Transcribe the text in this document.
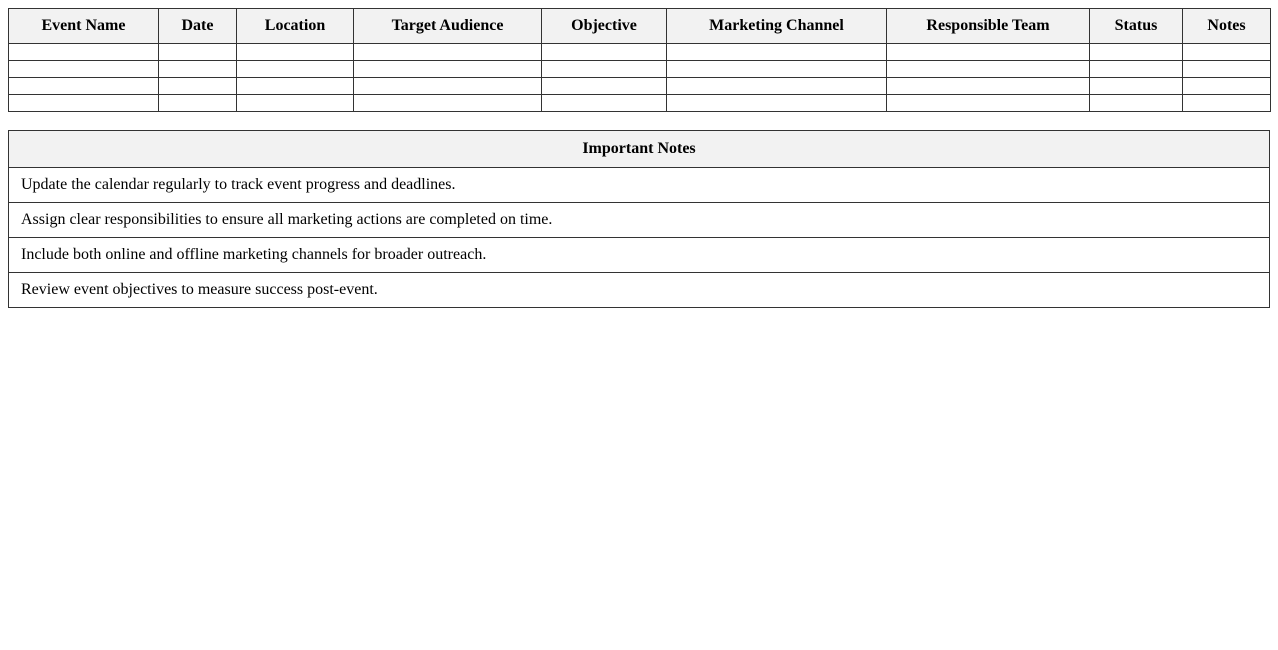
Event Name	Date	Location	Target Audience	Objective	Marketing Channel	Responsible Team	Status	Notes

Important Notes
Update the calendar regularly to track event progress and deadlines.
Assign clear responsibilities to ensure all marketing actions are completed on time.
Include both online and offline marketing channels for broader outreach.
Review event objectives to measure success post-event.
